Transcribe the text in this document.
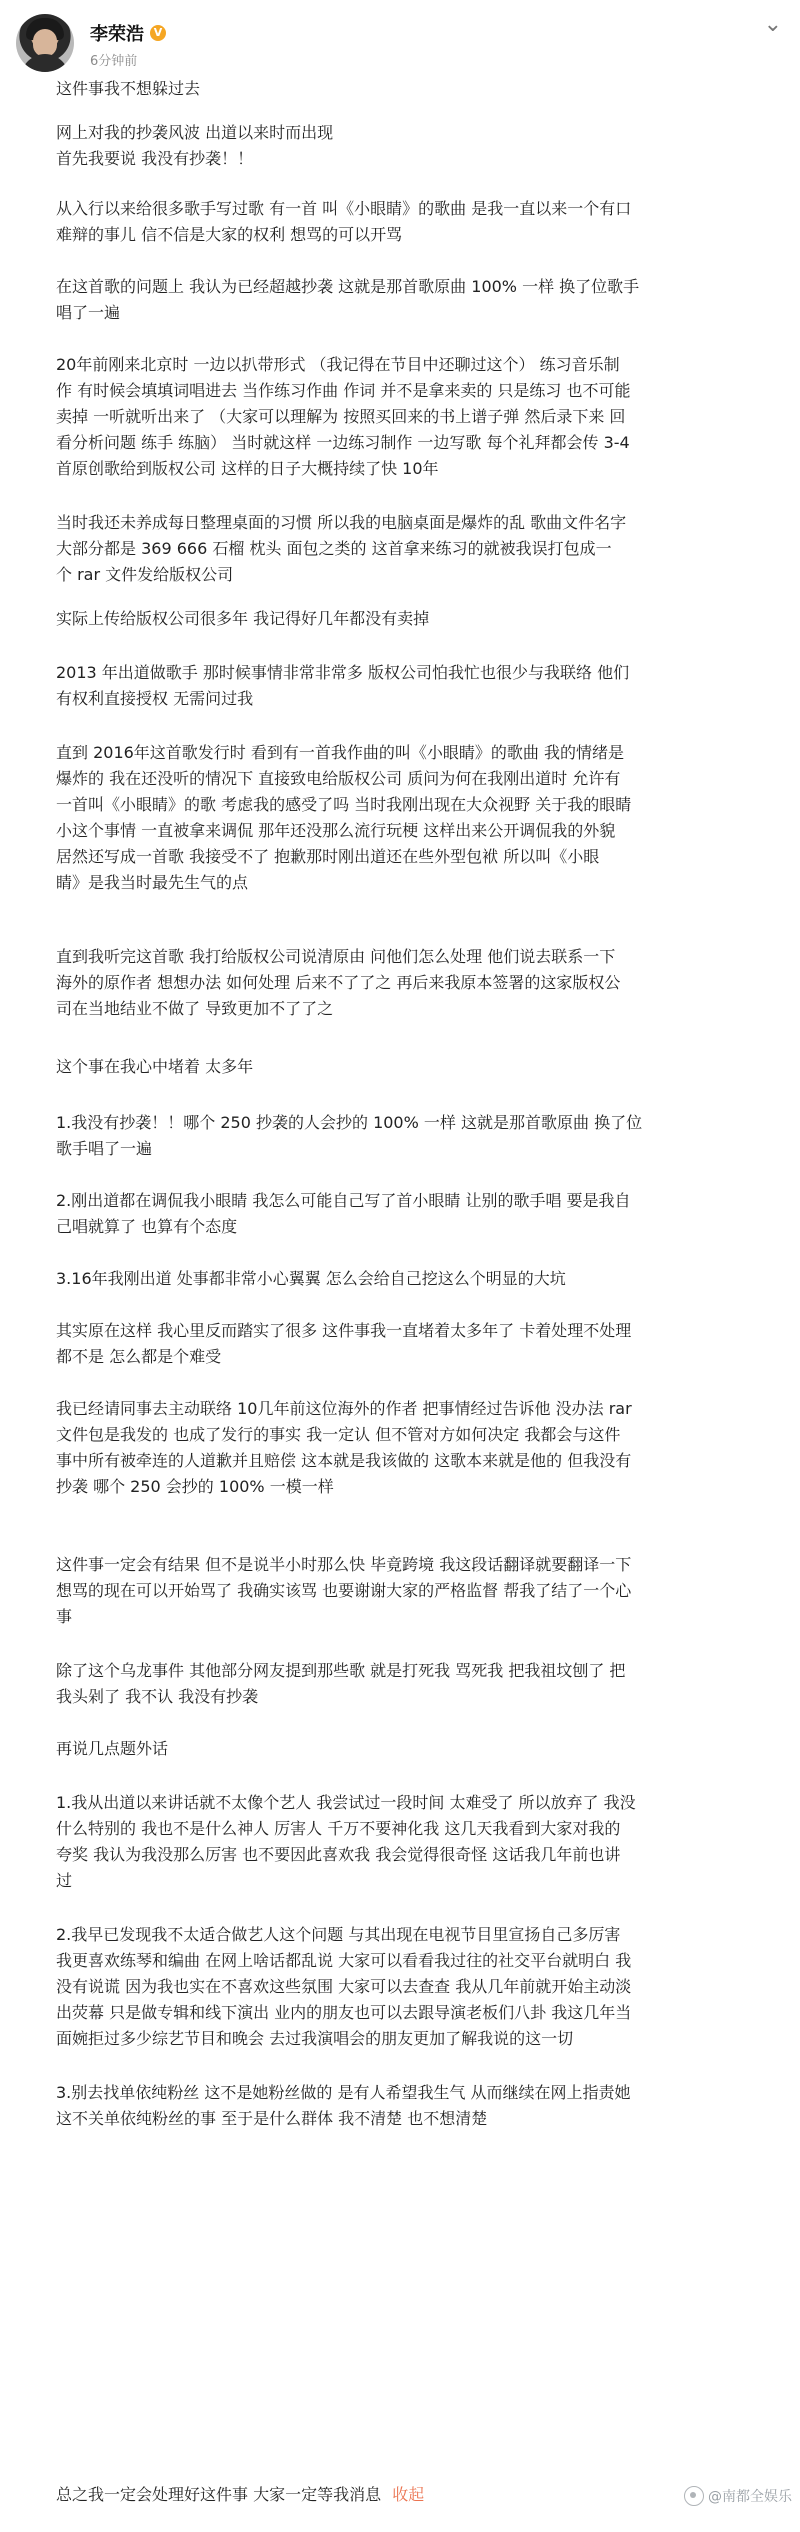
李荣浩 V
6分钟前
⌄

这件事我不想躲过去

网上对我的抄袭风波 出道以来时而出现
首先我要说 我没有抄袭！！

从入行以来给很多歌手写过歌 有一首 叫《小眼睛》的歌曲 是我一直以来一个有口
难辩的事儿 信不信是大家的权利 想骂的可以开骂

在这首歌的问题上 我认为已经超越抄袭 这就是那首歌原曲 100% 一样 换了位歌手
唱了一遍

20年前刚来北京时 一边以扒带形式 （我记得在节目中还聊过这个） 练习音乐制
作 有时候会填填词唱进去 当作练习作曲 作词 并不是拿来卖的 只是练习 也不可能
卖掉 一听就听出来了 （大家可以理解为 按照买回来的书上谱子弹 然后录下来 回
看分析问题 练手 练脑） 当时就这样 一边练习制作 一边写歌 每个礼拜都会传 3-4
首原创歌给到版权公司 这样的日子大概持续了快 10年

当时我还未养成每日整理桌面的习惯 所以我的电脑桌面是爆炸的乱 歌曲文件名字
大部分都是 369 666 石榴 枕头 面包之类的 这首拿来练习的就被我误打包成一
个 rar 文件发给版权公司

实际上传给版权公司很多年 我记得好几年都没有卖掉

2013 年出道做歌手 那时候事情非常非常多 版权公司怕我忙也很少与我联络 他们
有权利直接授权 无需问过我

直到 2016年这首歌发行时 看到有一首我作曲的叫《小眼睛》的歌曲 我的情绪是
爆炸的 我在还没听的情况下 直接致电给版权公司 质问为何在我刚出道时 允许有
一首叫《小眼睛》的歌 考虑我的感受了吗 当时我刚出现在大众视野 关于我的眼睛
小这个事情 一直被拿来调侃 那年还没那么流行玩梗 这样出来公开调侃我的外貌
居然还写成一首歌 我接受不了 抱歉那时刚出道还在些外型包袱 所以叫《小眼
睛》是我当时最先生气的点

直到我听完这首歌 我打给版权公司说清原由 问他们怎么处理 他们说去联系一下
海外的原作者 想想办法 如何处理 后来不了了之 再后来我原本签署的这家版权公
司在当地结业不做了 导致更加不了了之

这个事在我心中堵着 太多年

1.我没有抄袭！！哪个 250 抄袭的人会抄的 100% 一样 这就是那首歌原曲 换了位
歌手唱了一遍

2.刚出道都在调侃我小眼睛 我怎么可能自己写了首小眼睛 让别的歌手唱 要是我自
己唱就算了 也算有个态度

3.16年我刚出道 处事都非常小心翼翼 怎么会给自己挖这么个明显的大坑

其实原在这样 我心里反而踏实了很多 这件事我一直堵着太多年了 卡着处理不处理
都不是 怎么都是个难受

我已经请同事去主动联络 10几年前这位海外的作者 把事情经过告诉他 没办法 rar
文件包是我发的 也成了发行的事实 我一定认 但不管对方如何决定 我都会与这件
事中所有被牵连的人道歉并且赔偿 这本就是我该做的 这歌本来就是他的 但我没有
抄袭 哪个 250 会抄的 100% 一模一样

这件事一定会有结果 但不是说半小时那么快 毕竟跨境 我这段话翻译就要翻译一下
想骂的现在可以开始骂了 我确实该骂 也要谢谢大家的严格监督 帮我了结了一个心
事

除了这个乌龙事件 其他部分网友提到那些歌 就是打死我 骂死我 把我祖坟刨了 把
我头剁了 我不认 我没有抄袭

再说几点题外话

1.我从出道以来讲话就不太像个艺人 我尝试过一段时间 太难受了 所以放弃了 我没
什么特别的 我也不是什么神人 厉害人 千万不要神化我 这几天我看到大家对我的
夸奖 我认为我没那么厉害 也不要因此喜欢我 我会觉得很奇怪 这话我几年前也讲
过

2.我早已发现我不太适合做艺人这个问题 与其出现在电视节目里宣扬自己多厉害
我更喜欢练琴和编曲 在网上啥话都乱说 大家可以看看我过往的社交平台就明白 我
没有说谎 因为我也实在不喜欢这些氛围 大家可以去查查 我从几年前就开始主动淡
出荧幕 只是做专辑和线下演出 业内的朋友也可以去跟导演老板们八卦 我这几年当
面婉拒过多少综艺节目和晚会 去过我演唱会的朋友更加了解我说的这一切

3.别去找单依纯粉丝 这不是她粉丝做的 是有人希望我生气 从而继续在网上指责她
这不关单依纯粉丝的事 至于是什么群体 我不清楚 也不想清楚

总之我一定会处理好这件事 大家一定等我消息 收起	@南都全娱乐
